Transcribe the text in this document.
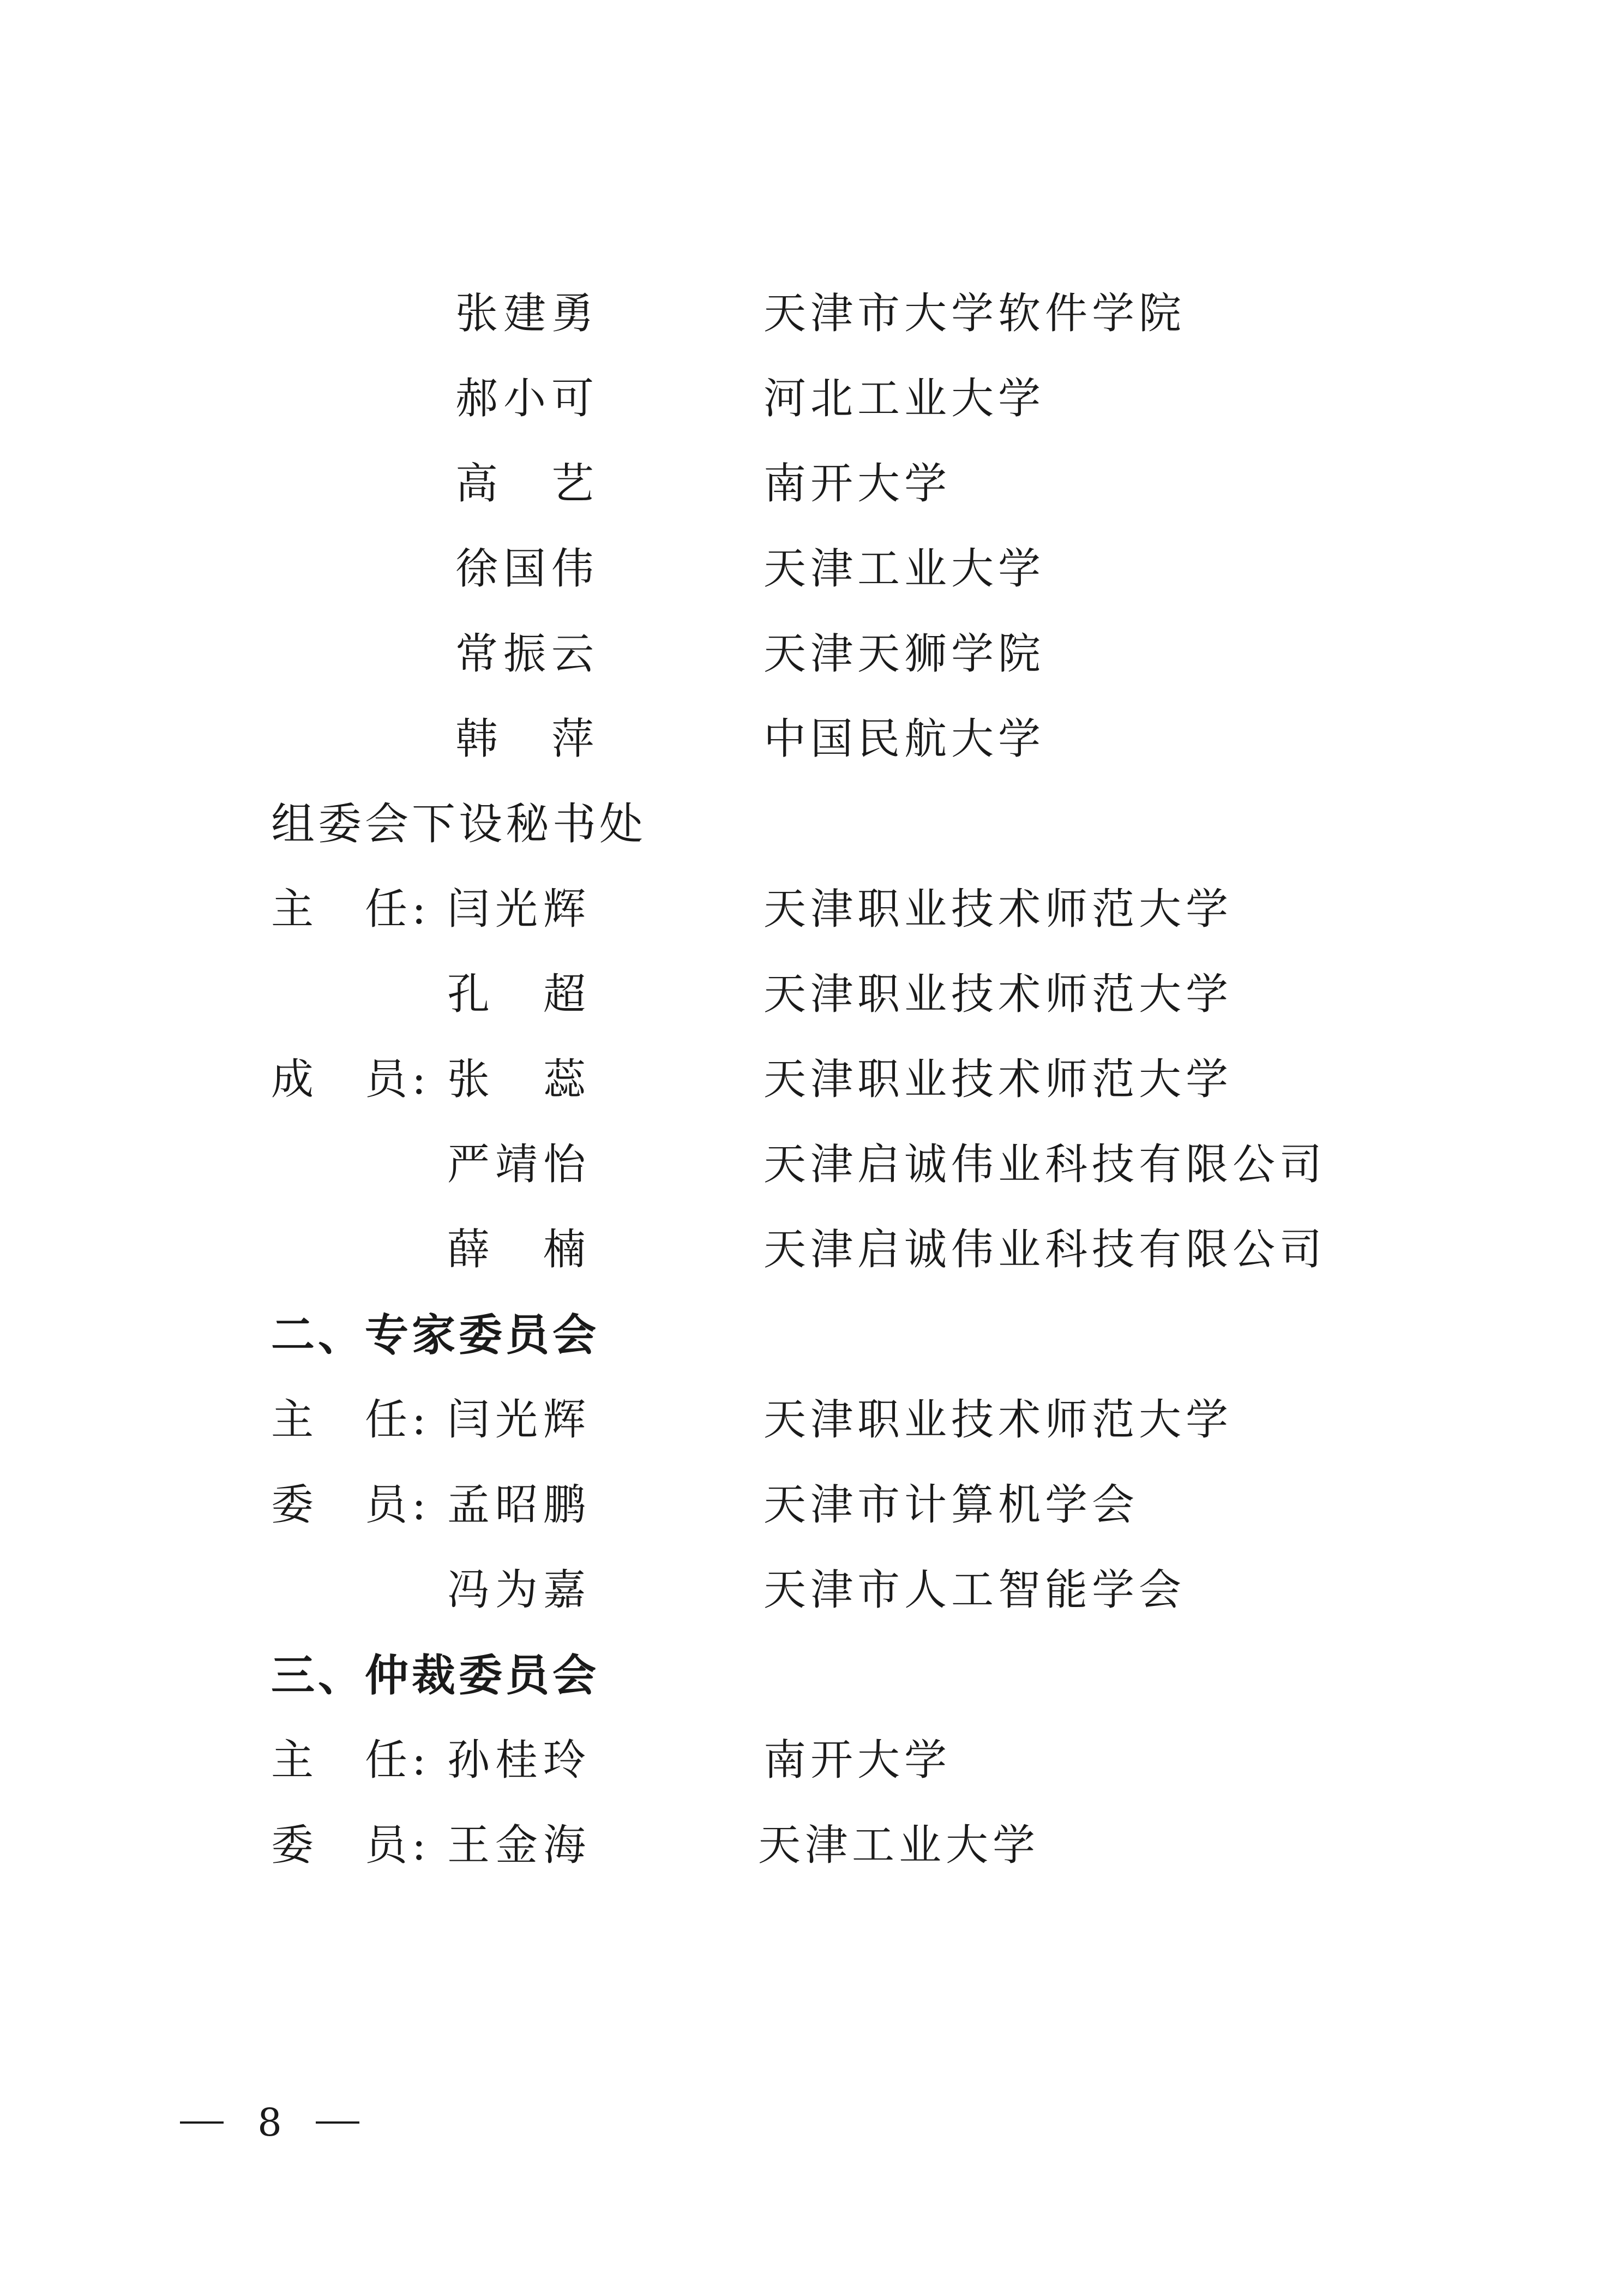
张建勇	天津市大学软件学院
郝小可	河北工业大学
高　艺	南开大学
徐国伟	天津工业大学
常振云	天津天狮学院
韩　萍	中国民航大学
组委会下设秘书处
主　任: 闫光辉	天津职业技术师范大学
孔　超	天津职业技术师范大学
成　员: 张　蕊	天津职业技术师范大学
严靖怡	天津启诚伟业科技有限公司
薛　楠	天津启诚伟业科技有限公司
二、专家委员会
主　任: 闫光辉	天津职业技术师范大学
委　员: 孟昭鹏	天津市计算机学会
冯为嘉	天津市人工智能学会
三、仲裁委员会
主　任: 孙桂玲	南开大学
委　员: 王金海	天津工业大学
8
